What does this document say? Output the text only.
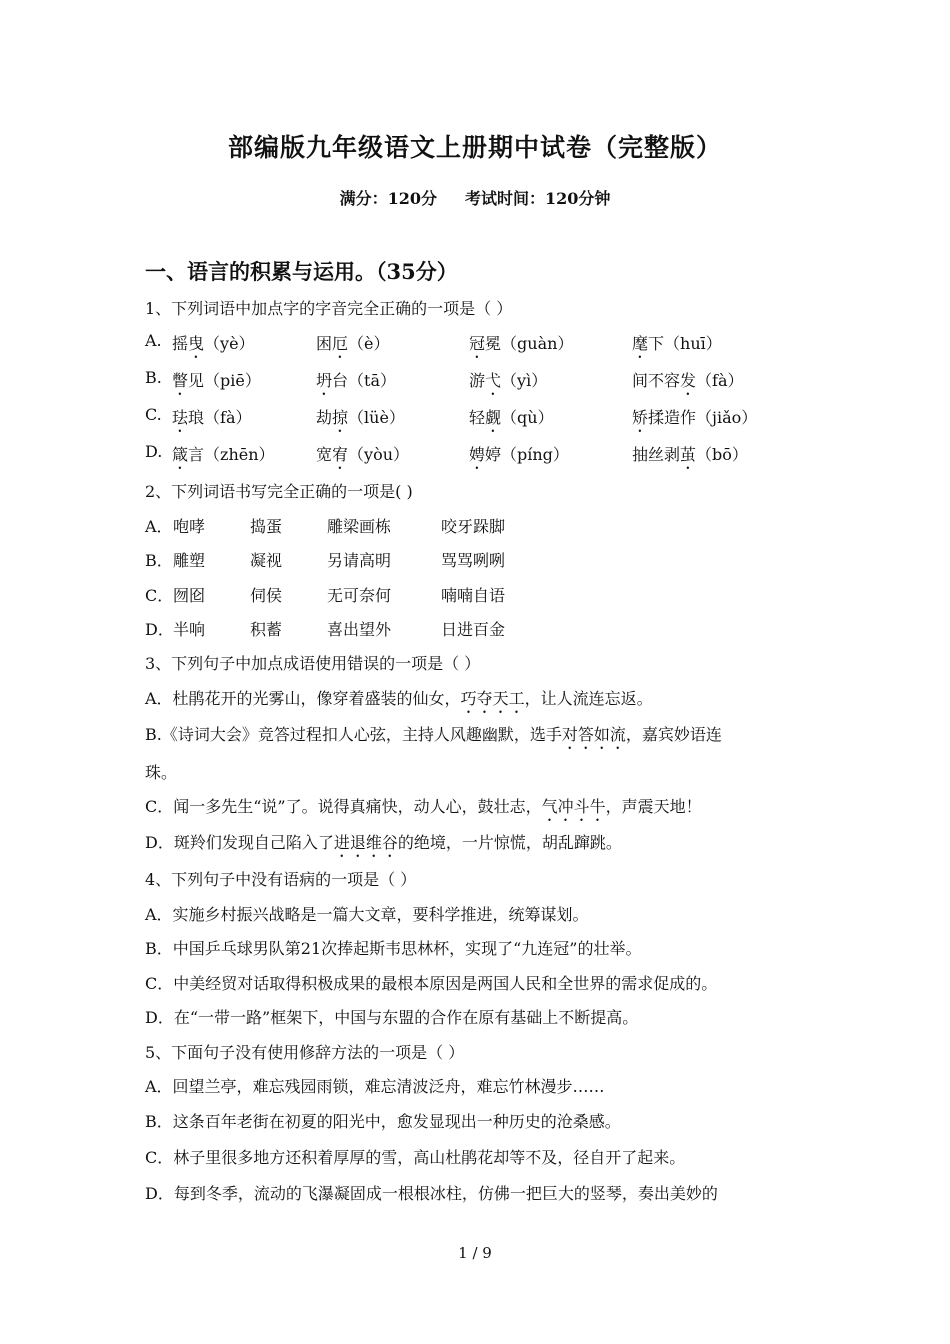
部编版九年级语文上册期中试卷（完整版）
满分：120分 考试时间：120分钟
一、语言的积累与运用。（35分）
1、下列词语中加点字的字音完全正确的一项是（ ）
A. 摇曳（yè）	困厄（è）	冠冕（guàn）	麾下（huī）
B. 瞥见（piē）	坍台（tā）	游弋（yì）	间不容发（fà）
C. 珐琅（fà）	劫掠（lüè）	轻觑（qù）	矫揉造作（jiǎo）
D. 箴言（zhēn）	宽宥（yòu）	娉婷（píng）	抽丝剥茧（bō）
2、下列词语书写完全正确的一项是( )
A． 咆哮	捣蛋	雕梁画栋	咬牙跺脚
B． 雕塑	凝视	另请高明	骂骂咧咧
C． 囫囵	伺侯	无可奈何	喃喃自语
D． 半响	积蓄	喜出望外	日进百金
3、下列句子中加点成语使用错误的一项是（ ）
A．杜鹃花开的光雾山，像穿着盛装的仙女，巧夺天工，让人流连忘返。
B.《诗词大会》竞答过程扣人心弦，主持人风趣幽默，选手对答如流，嘉宾妙语连
珠。
C．闻一多先生“说”了。说得真痛快，动人心，鼓壮志，气冲斗牛，声震天地！
D．斑羚们发现自己陷入了进退维谷的绝境，一片惊慌，胡乱蹿跳。
4、下列句子中没有语病的一项是（ ）
A．实施乡村振兴战略是一篇大文章，要科学推进，统筹谋划。
B．中国乒乓球男队第21次捧起斯韦思林杯，实现了“九连冠”的壮举。
C．中美经贸对话取得积极成果的最根本原因是两国人民和全世界的需求促成的。
D．在“一带一路”框架下，中国与东盟的合作在原有基础上不断提高。
5、下面句子没有使用修辞方法的一项是（ ）
A．回望兰亭，难忘残园雨锁，难忘清波泛舟，难忘竹林漫步……
B．这条百年老街在初夏的阳光中，愈发显现出一种历史的沧桑感。
C．林子里很多地方还积着厚厚的雪，高山杜鹃花却等不及，径自开了起来。
D．每到冬季，流动的飞瀑凝固成一根根冰柱，仿佛一把巨大的竖琴，奏出美妙的
1 / 9
